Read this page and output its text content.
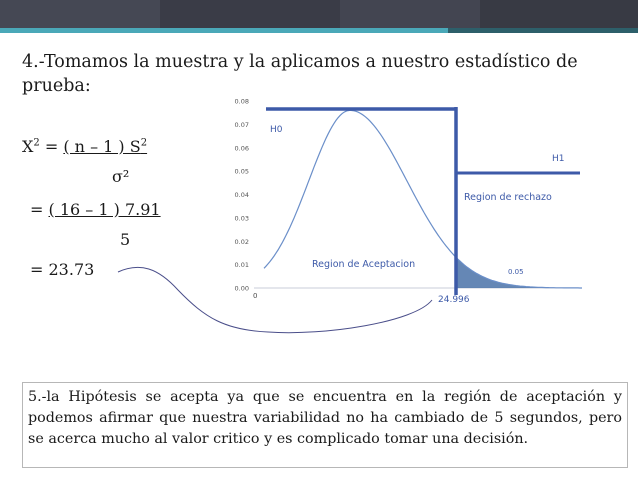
4.-Tomamos la muestra y la aplicamos a nuestro estadístico de prueba:
$X^2$ = ( n – 1 ) $S^2$
σ²
= ( 16 – 1 ) 7.91
5
= 23.73
0.08
0.07
0.06
0.05
0.04
0.03
0.02
0.01
0.00
H0
H1
Region de rechazo
Region de Aceptacion
0.05
0	24.996

5.-la Hipótesis se acepta ya que se encuentra en la región de aceptación y podemos afirmar que nuestra variabilidad no ha cambiado de 5 segundos, pero se acerca mucho al valor critico y es complicado tomar una decisión.
